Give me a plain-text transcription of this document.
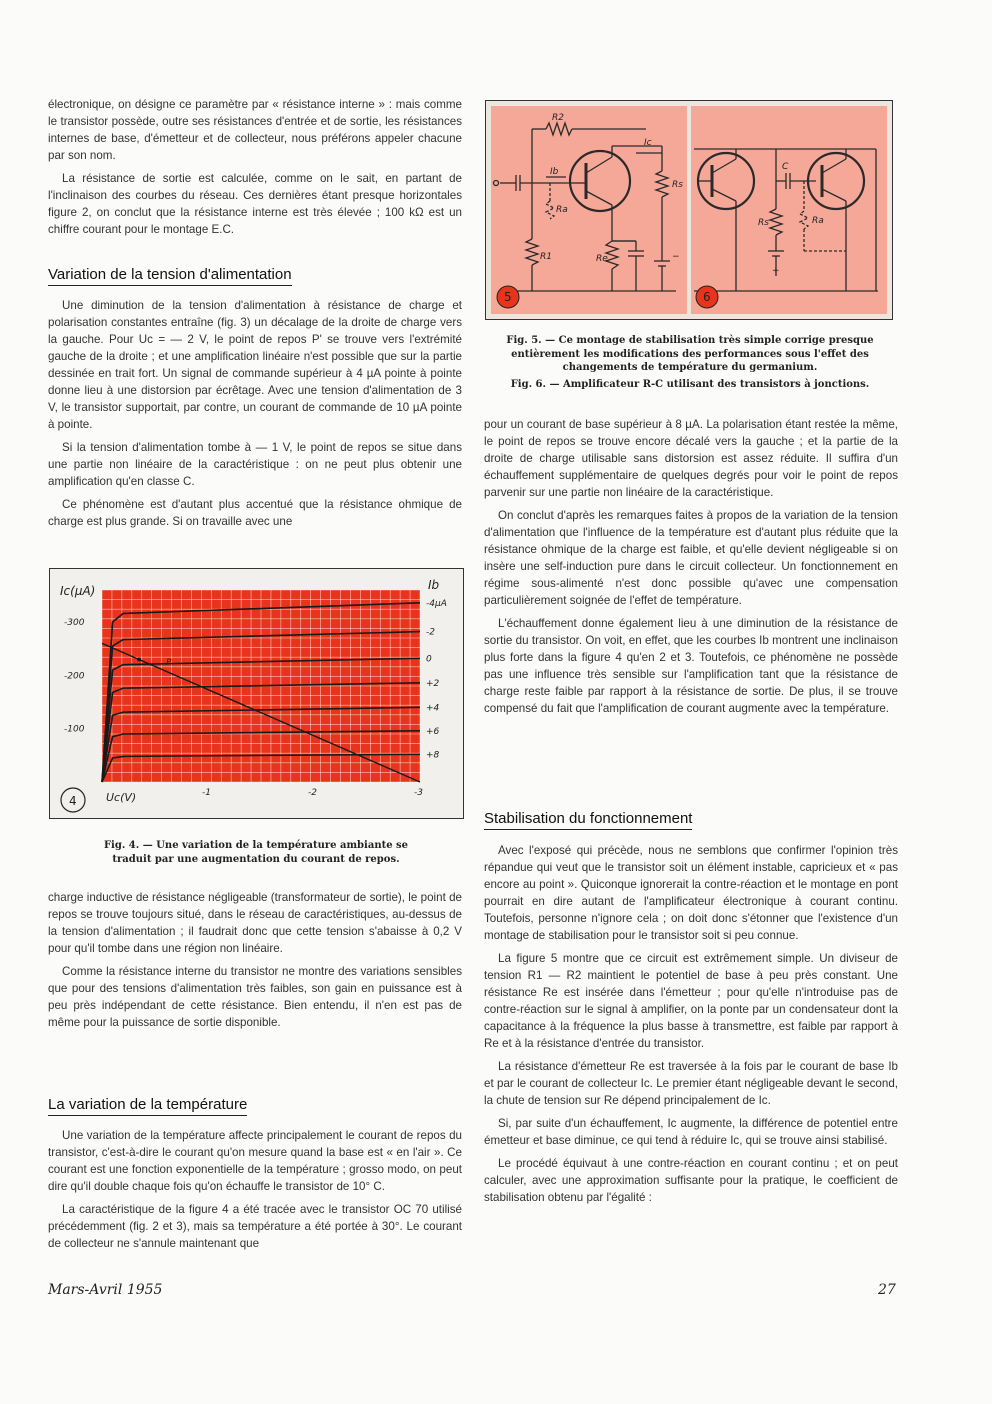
électronique, on désigne ce paramètre par « résistance interne » : mais comme le transistor possède, outre ses résistances d'entrée et de sortie, les résistances internes de base, d'émetteur et de collecteur, nous préférons appeler chacune par son nom.

La résistance de sortie est calculée, comme on le sait, en partant de l'inclinaison des courbes du réseau. Ces dernières étant presque horizontales figure 2, on conclut que la résistance interne est très élevée ; 100 kΩ est un chiffre courant pour le montage E.C.

Variation de la tension d'alimentation

Une diminution de la tension d'alimentation à résistance de charge et polarisation constantes entraîne (fig. 3) un décalage de la droite de charge vers la gauche. Pour Uc = — 2 V, le point de repos P' se trouve vers l'extrémité gauche de la droite ; et une amplification linéaire n'est possible que sur la partie dessinée en trait fort. Un signal de commande supérieur à 4 µA pointe à pointe donne lieu à une distorsion par écrêtage. Avec une tension d'alimentation de 3 V, le transistor supportait, par contre, un courant de commande de 10 µA pointe à pointe.

Si la tension d'alimentation tombe à — 1 V, le point de repos se situe dans une partie non linéaire de la caractéristique : on ne peut plus obtenir une amplification qu'en classe C.

Ce phénomène est d'autant plus accentué que la résistance ohmique de charge est plus grande. Si on travaille avec une

-4µA
-2
0
+2
+4
+6
+8
-1	-2	-3
-300
-200
-100
Ic(µA)
Uc(V)
Ib
P
4
Fig. 4. — Une variation de la température ambiante se traduit par une augmentation du courant de repos.

charge inductive de résistance négligeable (transformateur de sortie), le point de repos se trouve toujours situé, dans le réseau de caractéristiques, au-dessus de la tension d'alimentation ; il faudrait donc que cette tension s'abaisse à 0,2 V pour qu'il tombe dans une région non linéaire.

Comme la résistance interne du transistor ne montre des variations sensibles que pour des tensions d'alimentation très faibles, son gain en puissance est à peu près indépendant de cette résistance. Bien entendu, il n'en est pas de même pour la puissance de sortie disponible.

La variation de la température

Une variation de la température affecte principalement le courant de repos du transistor, c'est-à-dire le courant qu'on mesure quand la base est « en l'air ». Ce courant est une fonction exponentielle de la température ; grosso modo, on peut dire qu'il double chaque fois qu'on échauffe le transistor de 10° C.

La caractéristique de la figure 4 a été tracée avec le transistor OC 70 utilisé précédemment (fig. 2 et 3), mais sa température a été portée à 30°. Le courant de collecteur ne s'annule maintenant que

R2
Ic
Ib
Rs
Ra
Re
R1
Rs	Ra
C
+
−
5	6
Fig. 5. — Ce montage de stabilisation très simple corrige presque entièrement les modifications des performances sous l'effet des changements de température du germanium.
Fig. 6. — Amplificateur R-C utilisant des transistors à jonctions.

pour un courant de base supérieur à 8 µA. La polarisation étant restée la même, le point de repos se trouve encore décalé vers la gauche ; et la partie de la droite de charge utilisable sans distorsion est assez réduite. Il suffira d'un échauffement supplémentaire de quelques degrés pour voir le point de repos parvenir sur une partie non linéaire de la caractéristique.

On conclut d'après les remarques faites à propos de la variation de la tension d'alimentation que l'influence de la température est d'autant plus réduite que la résistance ohmique de la charge est faible, et qu'elle devient négligeable si on insère une self-induction pure dans le circuit collecteur. Un fonctionnement en régime sous-alimenté n'est donc possible qu'avec une compensation particulièrement soignée de l'effet de température.

L'échauffement donne également lieu à une diminution de la résistance de sortie du transistor. On voit, en effet, que les courbes Ib montrent une inclinaison plus forte dans la figure 4 qu'en 2 et 3. Toutefois, ce phénomène ne possède pas une influence très sensible sur l'amplification tant que la résistance de charge reste faible par rapport à la résistance de sortie. De plus, il se trouve compensé du fait que l'amplification de courant augmente avec la température.

Stabilisation du fonctionnement

Avec l'exposé qui précède, nous ne semblons que confirmer l'opinion très répandue qui veut que le transistor soit un élément instable, capricieux et « pas encore au point ». Quiconque ignorerait la contre-réaction et le montage en pont pourrait en dire autant de l'amplificateur électronique à courant continu. Toutefois, personne n'ignore cela ; on doit donc s'étonner que l'existence d'un montage de stabilisation pour le transistor soit si peu connue.

La figure 5 montre que ce circuit est extrêmement simple. Un diviseur de tension R1 — R2 maintient le potentiel de base à peu près constant. Une résistance Re est insérée dans l'émetteur ; pour qu'elle n'introduise pas de contre-réaction sur le signal à amplifier, on la ponte par un condensateur dont la capacitance à la fréquence la plus basse à transmettre, est faible par rapport à Re et à la résistance d'entrée du transistor.

La résistance d'émetteur Re est traversée à la fois par le courant de base Ib et par le courant de collecteur Ic. Le premier étant négligeable devant le second, la chute de tension sur Re dépend principalement de Ic.

Si, par suite d'un échauffement, Ic augmente, la différence de potentiel entre émetteur et base diminue, ce qui tend à réduire Ic, qui se trouve ainsi stabilisé.

Le procédé équivaut à une contre-réaction en courant continu ; et on peut calculer, avec une approximation suffisante pour la pratique, le coefficient de stabilisation obtenu par l'égalité :

Mars-Avril 1955	27
